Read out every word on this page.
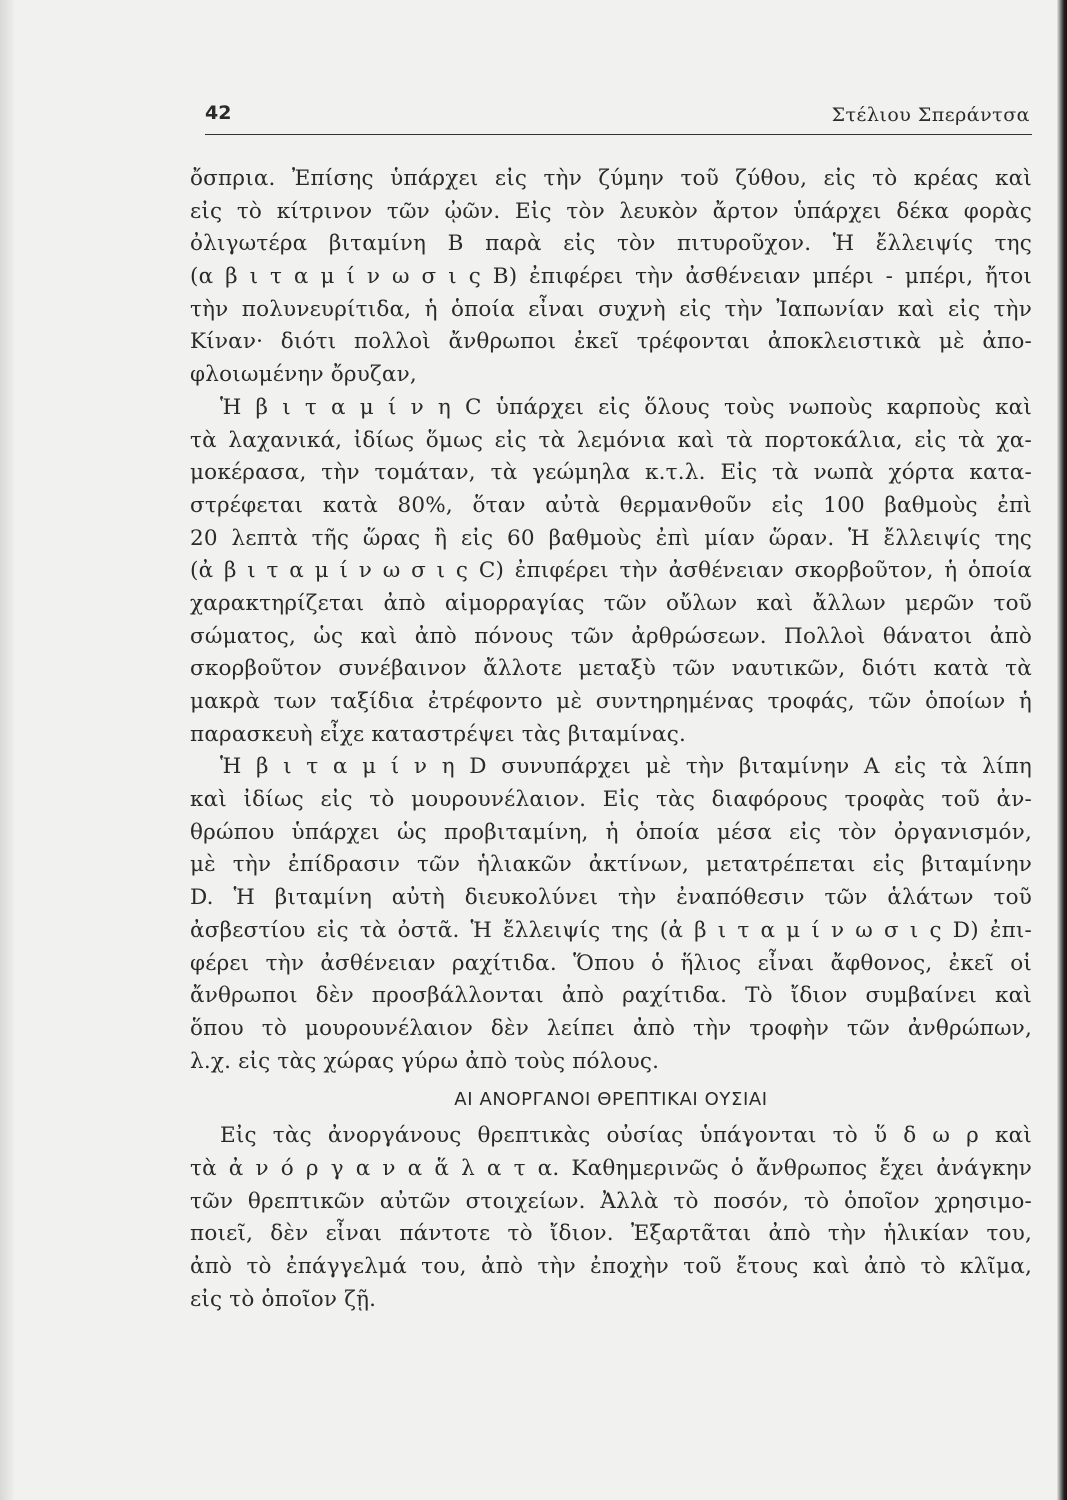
42	Στέλιου Σπεράντσα
ὄσπρια. Ἐπίσης ὑπάρχει εἰς τὴν ζύμην τοῦ ζύθου, εἰς τὸ κρέας καὶ
εἰς τὸ κίτρινον τῶν ᾠῶν. Εἰς τὸν λευκὸν ἄρτον ὑπάρχει δέκα φορὰς
ὀλιγωτέρα βιταμίνη Β παρὰ εἰς τὸν πιτυροῦχον. Ἡ ἔλλειψίς της
(α β ι τ α μ ί ν ω σ ι ς Β) ἐπιφέρει τὴν ἀσθένειαν μπέρι - μπέρι, ἤτοι
τὴν πολυνευρίτιδα, ἡ ὁποία εἶναι συχνὴ εἰς τὴν Ἰαπωνίαν καὶ εἰς τὴν
Κίναν· διότι πολλοὶ ἄνθρωποι ἐκεῖ τρέφονται ἀποκλειστικὰ μὲ ἀπο-
φλοιωμένην ὄρυζαν,
Ἡ β ι τ α μ ί ν η C ὑπάρχει εἰς ὅλους τοὺς νωποὺς καρποὺς καὶ
τὰ λαχανικά, ἰδίως ὅμως εἰς τὰ λεμόνια καὶ τὰ πορτοκάλια, εἰς τὰ χα-
μοκέρασα, τὴν τομάταν, τὰ γεώμηλα κ.τ.λ. Εἰς τὰ νωπὰ χόρτα κατα-
στρέφεται κατὰ 80%, ὅταν αὐτὰ θερμανθοῦν εἰς 100 βαθμοὺς ἐπὶ
20 λεπτὰ τῆς ὥρας ἢ εἰς 60 βαθμοὺς ἐπὶ μίαν ὥραν. Ἡ ἔλλειψίς της
(ἀ β ι τ α μ ί ν ω σ ι ς C) ἐπιφέρει τὴν ἀσθένειαν σκορβοῦτον, ἡ ὁποία
χαρακτηρίζεται ἀπὸ αἱμορραγίας τῶν οὔλων καὶ ἄλλων μερῶν τοῦ
σώματος, ὡς καὶ ἀπὸ πόνους τῶν ἀρθρώσεων. Πολλοὶ θάνατοι ἀπὸ
σκορβοῦτον συνέβαινον ἄλλοτε μεταξὺ τῶν ναυτικῶν, διότι κατὰ τὰ
μακρὰ των ταξίδια ἐτρέφοντο μὲ συντηρημένας τροφάς, τῶν ὁποίων ἡ
παρασκευὴ εἶχε καταστρέψει τὰς βιταμίνας.
Ἡ β ι τ α μ ί ν η D συνυπάρχει μὲ τὴν βιταμίνην Α εἰς τὰ λίπη
καὶ ἰδίως εἰς τὸ μουρουνέλαιον. Εἰς τὰς διαφόρους τροφὰς τοῦ ἀν-
θρώπου ὑπάρχει ὡς προβιταμίνη, ἡ ὁποία μέσα εἰς τὸν ὀργανισμόν,
μὲ τὴν ἐπίδρασιν τῶν ἡλιακῶν ἀκτίνων, μετατρέπεται εἰς βιταμίνην
D. Ἡ βιταμίνη αὐτὴ διευκολύνει τὴν ἐναπόθεσιν τῶν ἁλάτων τοῦ
ἀσβεστίου εἰς τὰ ὀστᾶ. Ἡ ἔλλειψίς της (ἀ β ι τ α μ ί ν ω σ ι ς D) ἐπι-
φέρει τὴν ἀσθένειαν ραχίτιδα. Ὅπου ὁ ἥλιος εἶναι ἄφθονος, ἐκεῖ οἱ
ἄνθρωποι δὲν προσβάλλονται ἀπὸ ραχίτιδα. Τὸ ἴδιον συμβαίνει καὶ
ὅπου τὸ μουρουνέλαιον δὲν λείπει ἀπὸ τὴν τροφὴν τῶν ἀνθρώπων,
λ.χ. εἰς τὰς χώρας γύρω ἀπὸ τοὺς πόλους.
ΑΙ ΑΝΟΡΓΑΝΟΙ ΘΡΕΠΤΙΚΑΙ ΟΥΣΙΑΙ
Εἰς τὰς ἀνοργάνους θρεπτικὰς οὐσίας ὑπάγονται τὸ ὕ δ ω ρ καὶ
τὰ ἀ ν ό ρ γ α ν α ἅ λ α τ α. Καθημερινῶς ὁ ἄνθρωπος ἔχει ἀνάγκην
τῶν θρεπτικῶν αὐτῶν στοιχείων. Ἀλλὰ τὸ ποσόν, τὸ ὁποῖον χρησιμο-
ποιεῖ, δὲν εἶναι πάντοτε τὸ ἴδιον. Ἐξαρτᾶται ἀπὸ τὴν ἡλικίαν του,
ἀπὸ τὸ ἐπάγγελμά του, ἀπὸ τὴν ἐποχὴν τοῦ ἔτους καὶ ἀπὸ τὸ κλῖμα,
εἰς τὸ ὁποῖον ζῇ.
